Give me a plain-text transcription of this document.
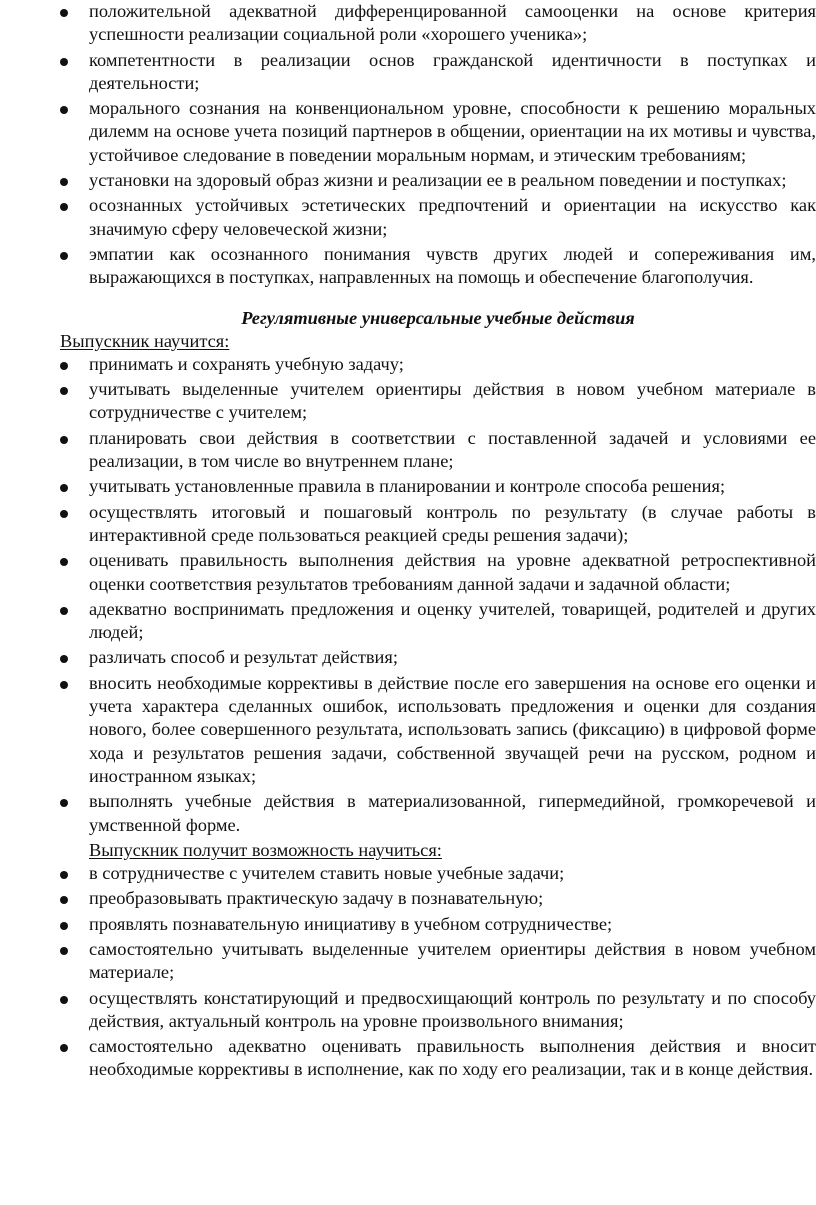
положительной адекватной дифференцированной самооценки на основе критерия успешности реализации социальной роли «хорошего ученика»;
компетентности в реализации основ гражданской идентичности в поступках и деятельности;
морального сознания на конвенциональном уровне, способности к решению моральных дилемм на основе учета позиций партнеров в общении, ориентации на их мотивы и чувства, устойчивое следование в поведении моральным нормам, и этическим требованиям;
установки на здоровый образ жизни и реализации ее в реальном поведении и поступках;
осознанных устойчивых эстетических предпочтений и ориентации на искусство как значимую сферу человеческой жизни;
эмпатии как осознанного понимания чувств других людей и сопереживания им, выражающихся в поступках, направленных на помощь и обеспечение благополучия.
Регулятивные универсальные учебные действия

Выпускник научится:

принимать и сохранять учебную задачу;
учитывать выделенные учителем ориентиры действия в новом учебном материале в сотрудничестве с учителем;
планировать свои действия в соответствии с поставленной задачей и условиями ее реализации, в том числе во внутреннем плане;
учитывать установленные правила в планировании и контроле способа решения;
осуществлять итоговый и пошаговый контроль по результату (в случае работы в интерактивной среде пользоваться реакцией среды решения задачи);
оценивать правильность выполнения действия на уровне адекватной ретроспективной оценки соответствия результатов требованиям данной задачи и задачной области;
адекватно воспринимать предложения и оценку учителей, товарищей, родителей и других людей;
различать способ и результат действия;
вносить необходимые коррективы в действие после его завершения на основе его оценки и учета характера сделанных ошибок, использовать предложения и оценки для создания нового, более совершенного результата, использовать запись (фиксацию) в цифровой форме хода и результатов решения задачи, собственной звучащей речи на русском, родном и иностранном языках;
выполнять учебные действия в материализованной, гипермедийной, громкоречевой и умственной форме.

Выпускник получит возможность научиться:

в сотрудничестве с учителем ставить новые учебные задачи;
преобразовывать практическую задачу в познавательную;
проявлять познавательную инициативу в учебном сотрудничестве;
самостоятельно учитывать выделенные учителем ориентиры действия в новом учебном материале;
осуществлять констатирующий и предвосхищающий контроль по результату и по способу действия, актуальный контроль на уровне произвольного внимания;
самостоятельно адекватно оценивать правильность выполнения действия и вносит необходимые коррективы в исполнение, как по ходу его реализации, так и в конце действия.
